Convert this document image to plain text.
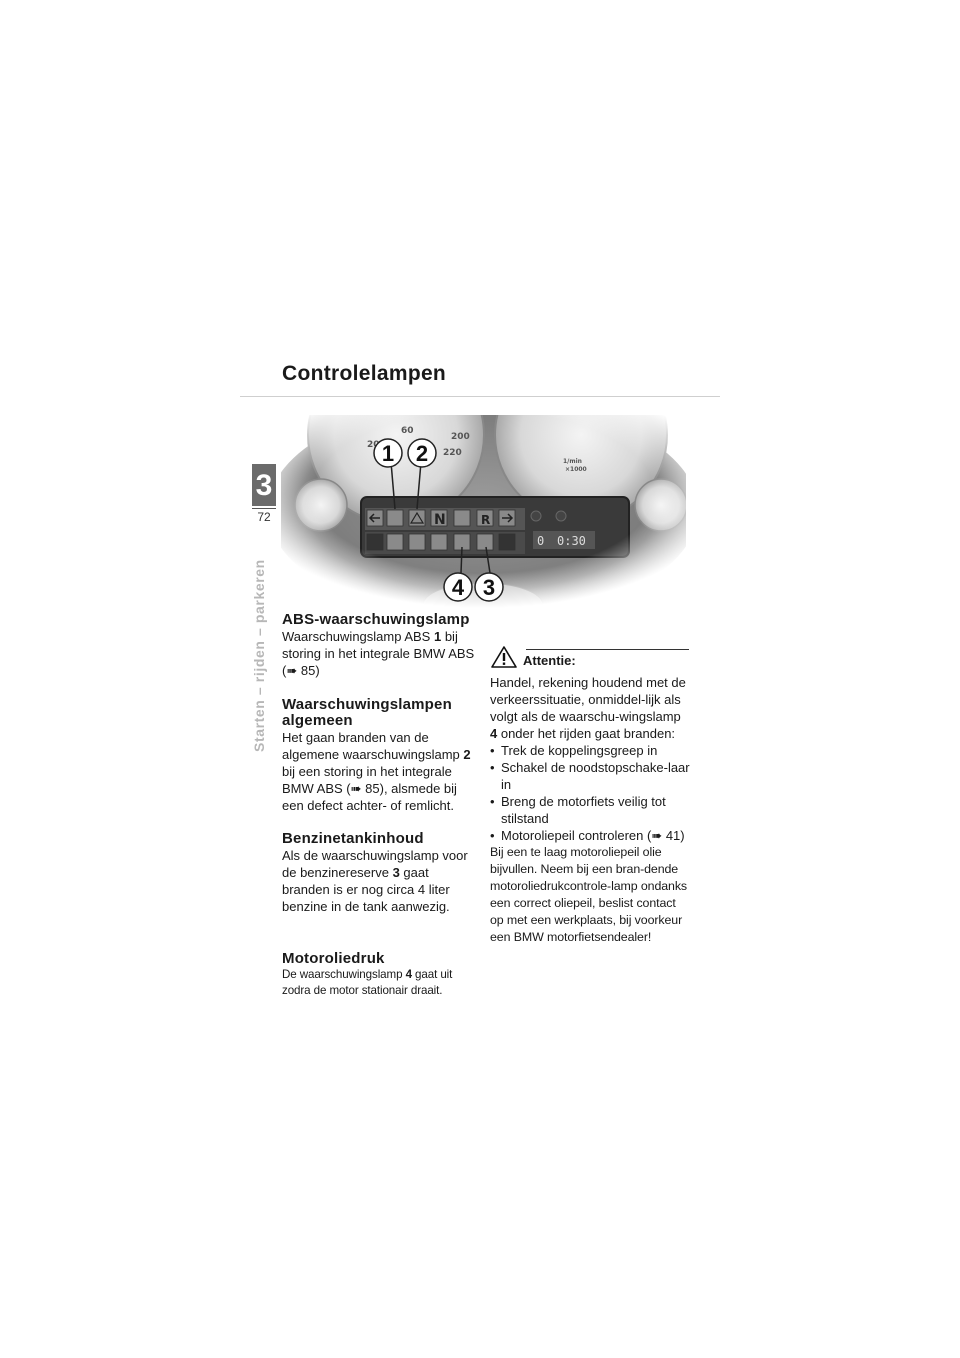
Controlelampen
3
72
Starten – rijden – parkeren
1 2
4 3
ABS-waarschuwingslamp

Waarschuwingslamp ABS 1 bij storing in het integrale BMW ABS (➠ 85)

Waarschuwingslampen algemeen

Het gaan branden van de algemene waarschuwingslamp 2 bij een storing in het integrale BMW ABS (➠ 85), alsmede bij een defect achter- of remlicht.

Benzinetankinhoud

Als de waarschuwingslamp voor de benzinereserve 3 gaat branden is er nog circa 4 liter benzine in de tank aanwezig.

Motoroliedruk

De waarschuwingslamp 4 gaat uit zodra de motor stationair draait.

Attentie:

Handel, rekening houdend met de verkeerssituatie, onmiddel-lijk als volgt als de waarschu-wingslamp 4 onder het rijden gaat branden:

• Trek de koppelingsgreep in
• Schakel de noodstopschake-laar in
• Breng de motorfiets veilig tot stilstand
• Motoroliepeil controleren (➠ 41)

Bij een te laag motoroliepeil olie bijvullen. Neem bij een bran-dende motoroliedrukcontrole-lamp ondanks een correct oliepeil, beslist contact op met een werkplaats, bij voorkeur een BMW motorfietsendealer!
